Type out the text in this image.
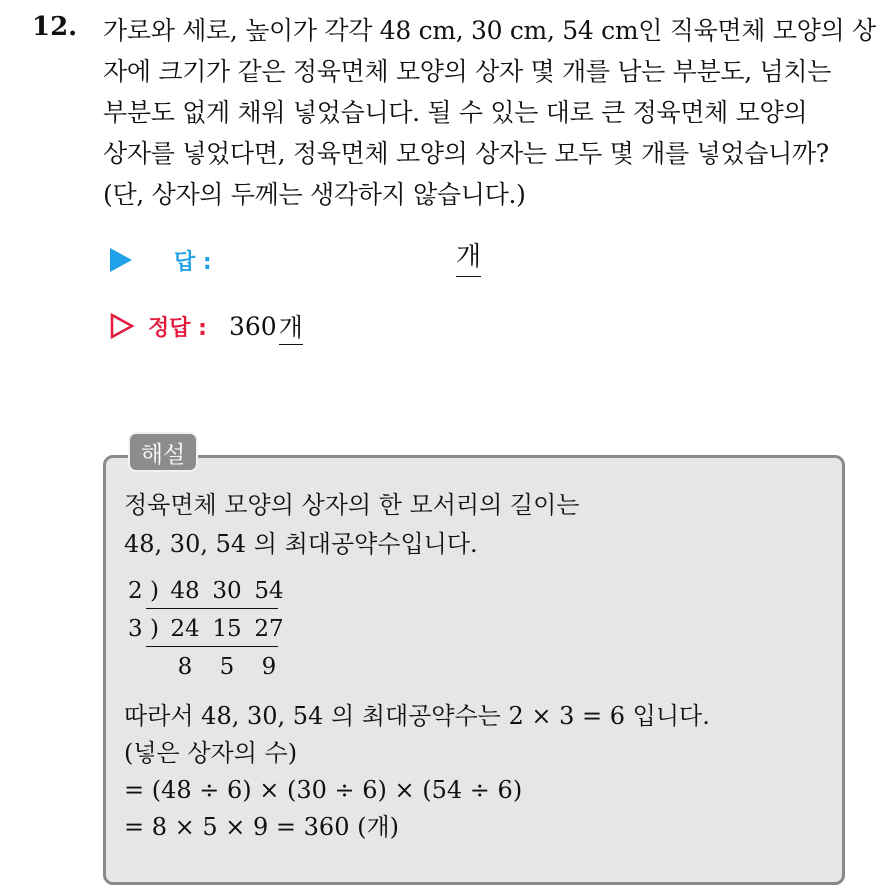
12. 가로와 세로, 높이가 각각 48 cm, 30 cm, 54 cm인 직육면체 모양의 상
자에 크기가 같은 정육면체 모양의 상자 몇 개를 남는 부분도, 넘치는
부분도 없게 채워 넣었습니다. 될 수 있는 대로 큰 정육면체 모양의
상자를 넣었다면, 정육면체 모양의 상자는 모두 몇 개를 넣었습니까?
(단, 상자의 두께는 생각하지 않습니다.)
답 :	개
정답 : 360 개
해설
정육면체 모양의 상자의 한 모서리의 길이는
48, 30, 54 의 최대공약수입니다.
2 ) 48 30 54
3 ) 24 15 27
8 5 9
따라서 48, 30, 54 의 최대공약수는 2 × 3 = 6 입니다.
(넣은 상자의 수)
= (48 ÷ 6) × (30 ÷ 6) × (54 ÷ 6)
= 8 × 5 × 9 = 360 (개)
